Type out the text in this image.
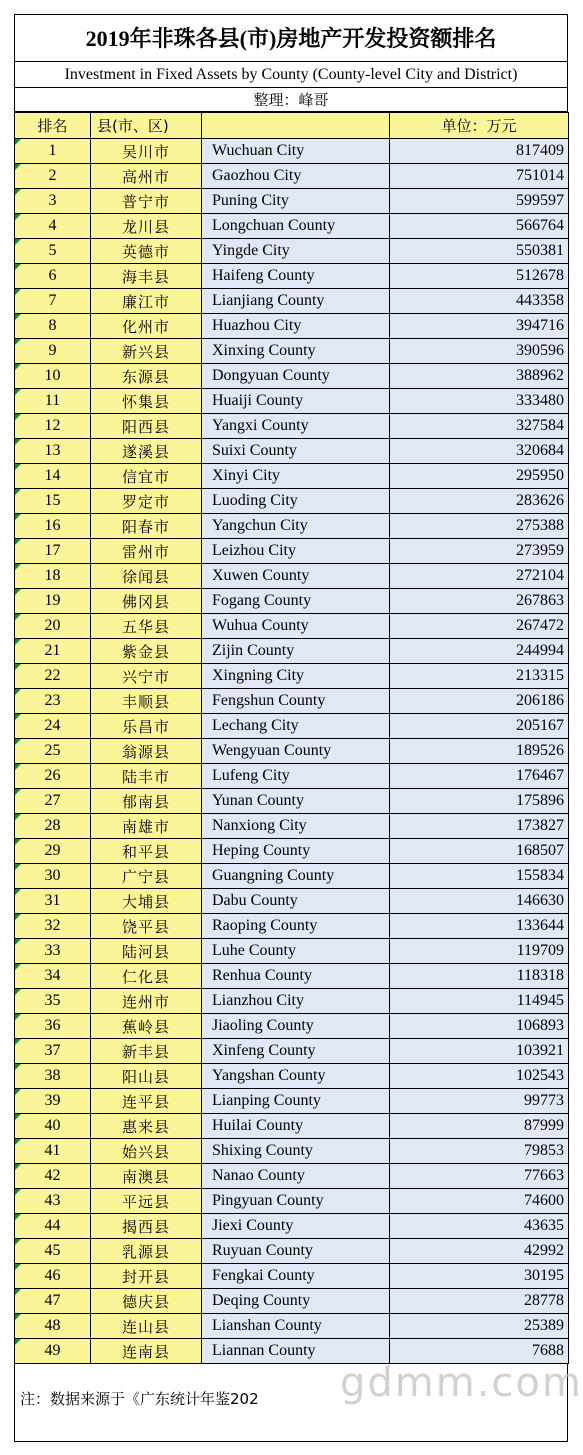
2019年非珠各县(市)房地产开发投资额排名
Investment in Fixed Assets by County (County-level City and District)
整理：峰哥
排名	县(市、区)		单位：万元
1	吴川市	Wuchuan City	817409
2	高州市	Gaozhou City	751014
3	普宁市	Puning City	599597
4	龙川县	Longchuan County	566764
5	英德市	Yingde City	550381
6	海丰县	Haifeng County	512678
7	廉江市	Lianjiang County	443358
8	化州市	Huazhou City	394716
9	新兴县	Xinxing County	390596
10	东源县	Dongyuan County	388962
11	怀集县	Huaiji County	333480
12	阳西县	Yangxi County	327584
13	遂溪县	Suixi County	320684
14	信宜市	Xinyi City	295950
15	罗定市	Luoding City	283626
16	阳春市	Yangchun City	275388
17	雷州市	Leizhou City	273959
18	徐闻县	Xuwen County	272104
19	佛冈县	Fogang County	267863
20	五华县	Wuhua County	267472
21	紫金县	Zijin County	244994
22	兴宁市	Xingning City	213315
23	丰顺县	Fengshun County	206186
24	乐昌市	Lechang City	205167
25	翁源县	Wengyuan County	189526
26	陆丰市	Lufeng City	176467
27	郁南县	Yunan County	175896
28	南雄市	Nanxiong City	173827
29	和平县	Heping County	168507
30	广宁县	Guangning County	155834
31	大埔县	Dabu County	146630
32	饶平县	Raoping County	133644
33	陆河县	Luhe County	119709
34	仁化县	Renhua County	118318
35	连州市	Lianzhou City	114945
36	蕉岭县	Jiaoling County	106893
37	新丰县	Xinfeng County	103921
38	阳山县	Yangshan County	102543
39	连平县	Lianping County	99773
40	惠来县	Huilai County	87999
41	始兴县	Shixing County	79853
42	南澳县	Nanao County	77663
43	平远县	Pingyuan County	74600
44	揭西县	Jiexi County	43635
45	乳源县	Ruyuan County	42992
46	封开县	Fengkai County	30195
47	德庆县	Deqing County	28778
48	连山县	Lianshan County	25389
49	连南县	Liannan County	7688
注：数据来源于《广东统计年鉴202 gdmm.com
